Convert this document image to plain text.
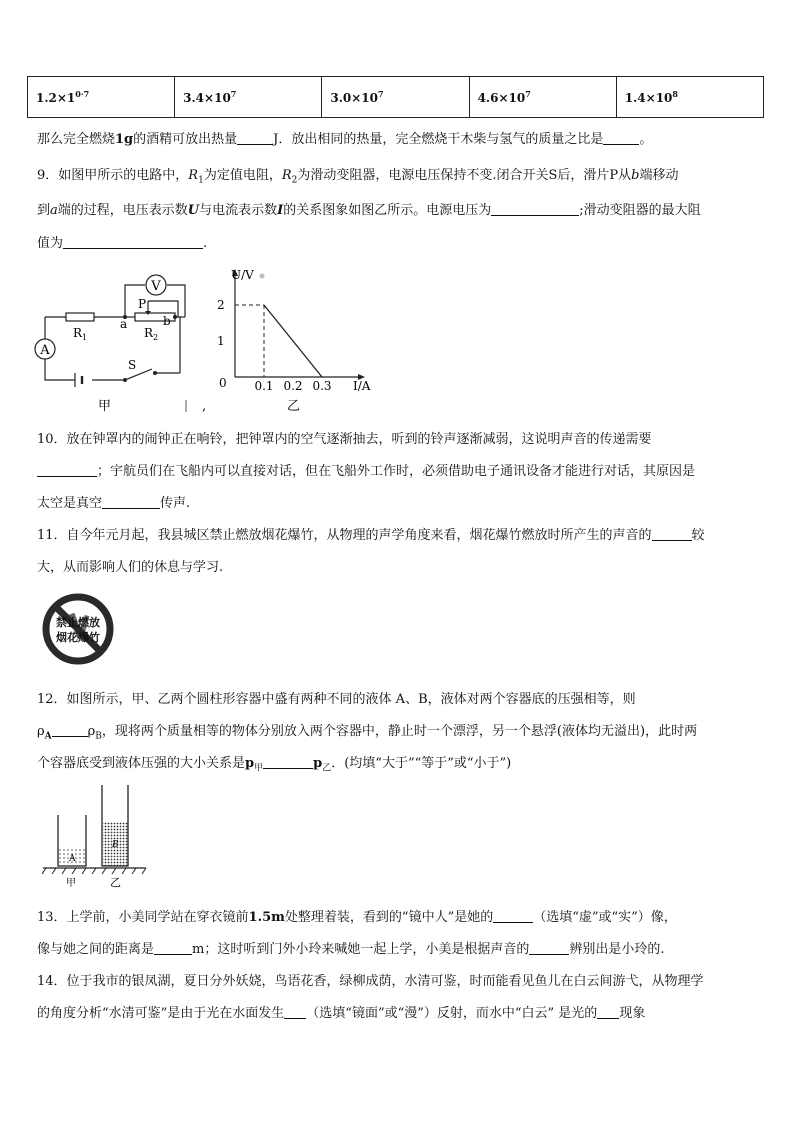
$1.2\times 1^{0\cdot 7}$	$3.4\times 10^7$	$3.0\times 10^7$	$4.6\times 10^7$	$1.4\times 10^8$
那么完全燃烧1g的酒精可放出热量	J．放出相同的热量，完全燃烧干木柴与氢气的质量之比是	。
9．如图甲所示的电路中，$R_1$为定值电阻，$R_2$为滑动变阻器，电源电压保持不变.闭合开关S后，滑片P从b端移动
到a端的过程，电压表示数U与电流表示数I的关系图象如图乙所示。电源电压为	;滑动变阻器的最大阻
值为	.
V
A
P
$R_1$	$R_2$
a	b
S
甲	,
U/V
I/A
0
2
1
0.1 0.2 0.3
乙
10．放在钟罩内的闹钟正在响铃，把钟罩内的空气逐渐抽去，听到的铃声逐渐减弱，这说明声音的传递需要
；宇航员们在飞船内可以直接对话，但在飞船外工作时，必须借助电子通讯设备才能进行对话，其原因是
太空是真空	传声.
11．自今年元月起，我县城区禁止燃放烟花爆竹，从物理的声学角度来看，烟花爆竹燃放时所产生的声音的	较
大，从而影响人们的休息与学习.
禁止燃放
烟花爆竹
12．如图所示，甲、乙两个圆柱形容器中盛有两种不同的液体 A、B，液体对两个容器底的压强相等，则
$\rho_A$	$\rho_B$，现将两个质量相等的物体分别放入两个容器中，静止时一个漂浮，另一个悬浮(液体均无溢出)，此时两
个容器底受到液体压强的大小关系是$p_甲$	$p_乙$．(均填“大于”“等于”或“小于”)
A
B
甲	乙
13．上学前，小美同学站在穿衣镜前1.5m处整理着装，看到的“镜中人”是她的	（选填“虚”或“实”）像，
像与她之间的距离是	m；这时听到门外小玲来喊她一起上学，小美是根据声音的	辨别出是小玲的.
14．位于我市的银凤湖，夏日分外妖娆，鸟语花香，绿柳成荫，水清可鉴，时而能看见鱼儿在白云间游弋，从物理学
的角度分析“水清可鉴”是由于光在水面发生 （选填“镜面”或“漫”）反射，而水中“白云” 是光的 现象
